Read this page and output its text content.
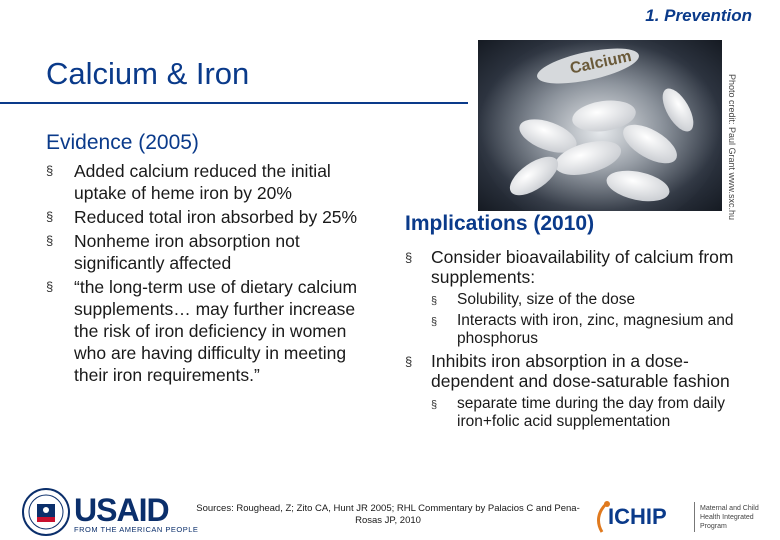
1. Prevention
Calcium & Iron
Evidence (2005)
§ Added calcium reduced the initial uptake of heme iron by 20%
§ Reduced total iron absorbed by 25%
§ Nonheme iron absorption not significantly affected
§ “the long-term use of dietary calcium supplements… may further increase the risk of iron deficiency in women who are having difficulty in meeting their iron requirements.”
Calcium
Photo credit: Paul Grant www.sxc.hu
Implications (2010)
§ Consider bioavailability of calcium from supplements:
§ Solubility, size of the dose
§ Interacts with iron, zinc, magnesium and phosphorus
§ Inhibits iron absorption in a dose-dependent and dose-saturable fashion
§ separate time during the day from daily iron+folic acid supplementation
Sources: Roughead, Z; Zito CA, Hunt JR 2005; RHL Commentary by Palacios C and Pena-Rosas JP, 2010
USAID
FROM THE AMERICAN PEOPLE
ICHIP	Maternal and Child Health Integrated Program
